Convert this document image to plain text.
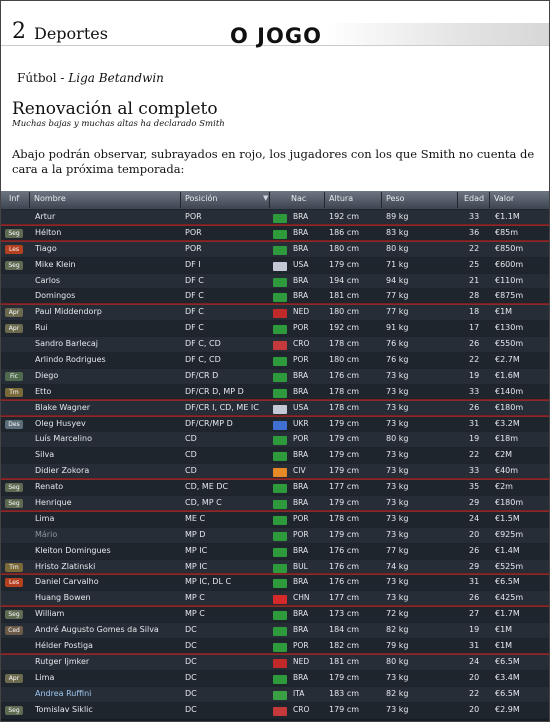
2 Deportes	O JOGO
Fútbol - Liga Betandwin
Renovación al completo
Muchas bajas y muchas altas ha declarado Smith
Abajo podrán observar, subrayados en rojo, los jugadores con los que Smith no cuenta de cara a la próxima temporada:
Inf Nombre	Posición	▼	Nac	Altura	Peso	Edad Valor
Artur	POR	BRA	192 cm	89 kg	33 €1.1M
Seg	Hélton	POR	BRA	186 cm	83 kg	36 €85m
Les	Tiago	POR	BRA	180 cm	80 kg	22 €850m
Seg	Mike Klein	DF I	USA	179 cm	71 kg	25 €600m
Carlos	DF C	BRA	194 cm	94 kg	21 €110m
Domingos	DF C	BRA	181 cm	77 kg	28 €875m
Apr	Paul Middendorp	DF C	NED 180 cm	77 kg	18 €1M
Apr	Rui	DF C	POR	192 cm	91 kg	17 €130m
Sandro Barlecaj	DF C, CD	CRO 178 cm	76 kg	26 €550m
Arlindo Rodrigues	DF C, CD	POR	180 cm	76 kg	22 €2.7M
Fic	Diego	DF/CR D	BRA	176 cm	73 kg	19 €1.6M
Tm	Etto	DF/CR D, MP D	BRA	178 cm	73 kg	33 €140m
Blake Wagner	DF/CR I, CD, ME IC	USA	178 cm	73 kg	26 €180m
Des	Oleg Husyev	DF/CR/MP D	UKR	179 cm	73 kg	31 €3.2M
Luís Marcelino	CD	POR	179 cm	80 kg	19 €18m
Silva	CD	BRA	179 cm	73 kg	22 €2M
Didier Zokora	CD	CIV	179 cm	73 kg	33 €40m
Seg	Renato	CD, ME DC	BRA	177 cm	73 kg	35 €2m
Seg	Henrique	CD, MP C	BRA	179 cm	73 kg	29 €180m
Lima	ME C	POR	178 cm	73 kg	24 €1.5M
Mário	MP D	POR	179 cm	73 kg	20 €925m
Kleiton Domingues	MP IC	BRA	176 cm	77 kg	26 €1.4M
Tm	Hristo Zlatinski	MP IC	BUL	176 cm	74 kg	29 €525m
Les	Daniel Carvalho	MP IC, DL C	BRA	176 cm	73 kg	31 €6.5M
Huang Bowen	MP C	CHN 177 cm	73 kg	26 €425m
Seg	William	MP C	BRA	173 cm	72 kg	27 €1.7M
Ced	André Augusto Gomes da Silva	DC	BRA	184 cm	82 kg	19 €1M
Hélder Postiga	DC	POR	182 cm	79 kg	31 €1M
Rutger Ijmker	DC	NED 181 cm	80 kg	24 €6.5M
Apr	Lima	DC	BRA	179 cm	73 kg	20 €3.4M
Andrea Ruffini	DC	ITA	183 cm	82 kg	22 €6.5M
Seg	Tomislav Siklic	DC	CRO 179 cm	73 kg	20 €2.9M
